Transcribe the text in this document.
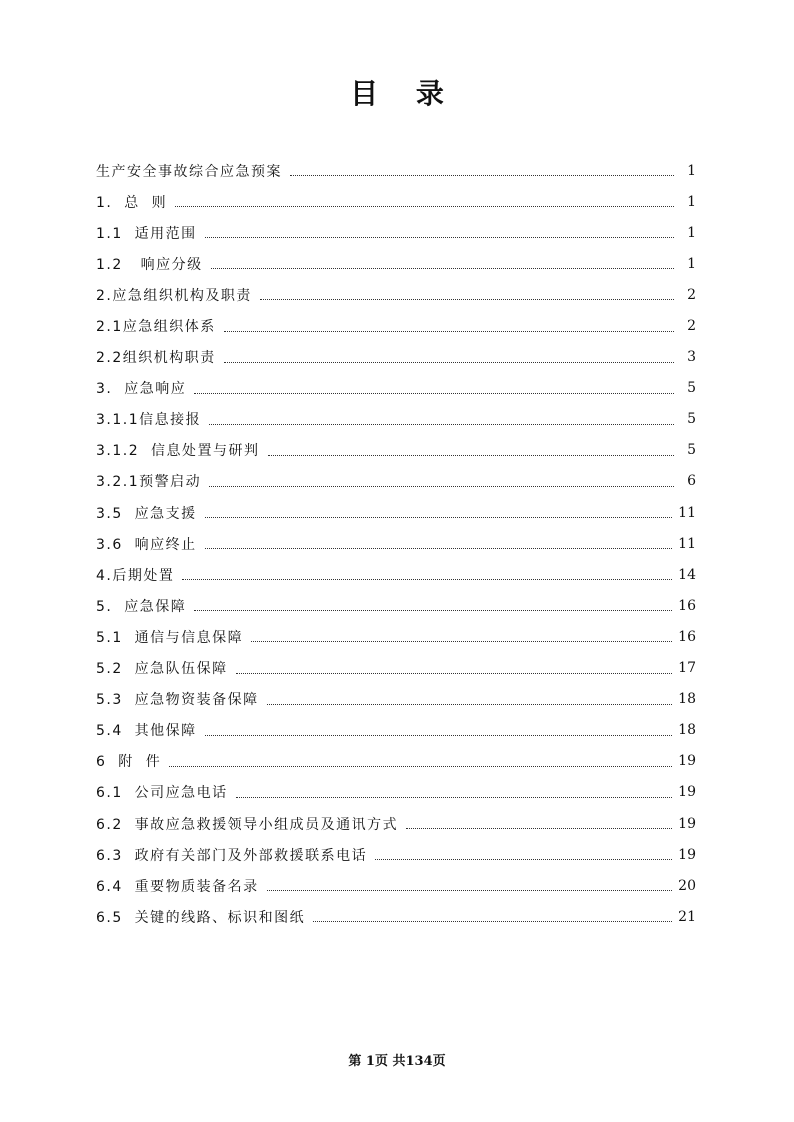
目 录
生产安全事故综合应急预案	1
1.  总  则	1
1.1  适用范围	1
1.2   响应分级	1
2.应急组织机构及职责	2
2.1应急组织体系	2
2.2组织机构职责	3
3.  应急响应	5
3.1.1信息接报	5
3.1.2  信息处置与研判	5
3.2.1预警启动	6
3.5  应急支援	11
3.6  响应终止	11
4.后期处置	14
5.  应急保障	16
5.1  通信与信息保障	16
5.2  应急队伍保障	17
5.3  应急物资装备保障	18
5.4  其他保障	18
6  附  件	19
6.1  公司应急电话	19
6.2  事故应急救援领导小组成员及通讯方式	19
6.3  政府有关部门及外部救援联系电话	19
6.4  重要物质装备名录	20
6.5  关键的线路、标识和图纸	21
第 1页 共134页
